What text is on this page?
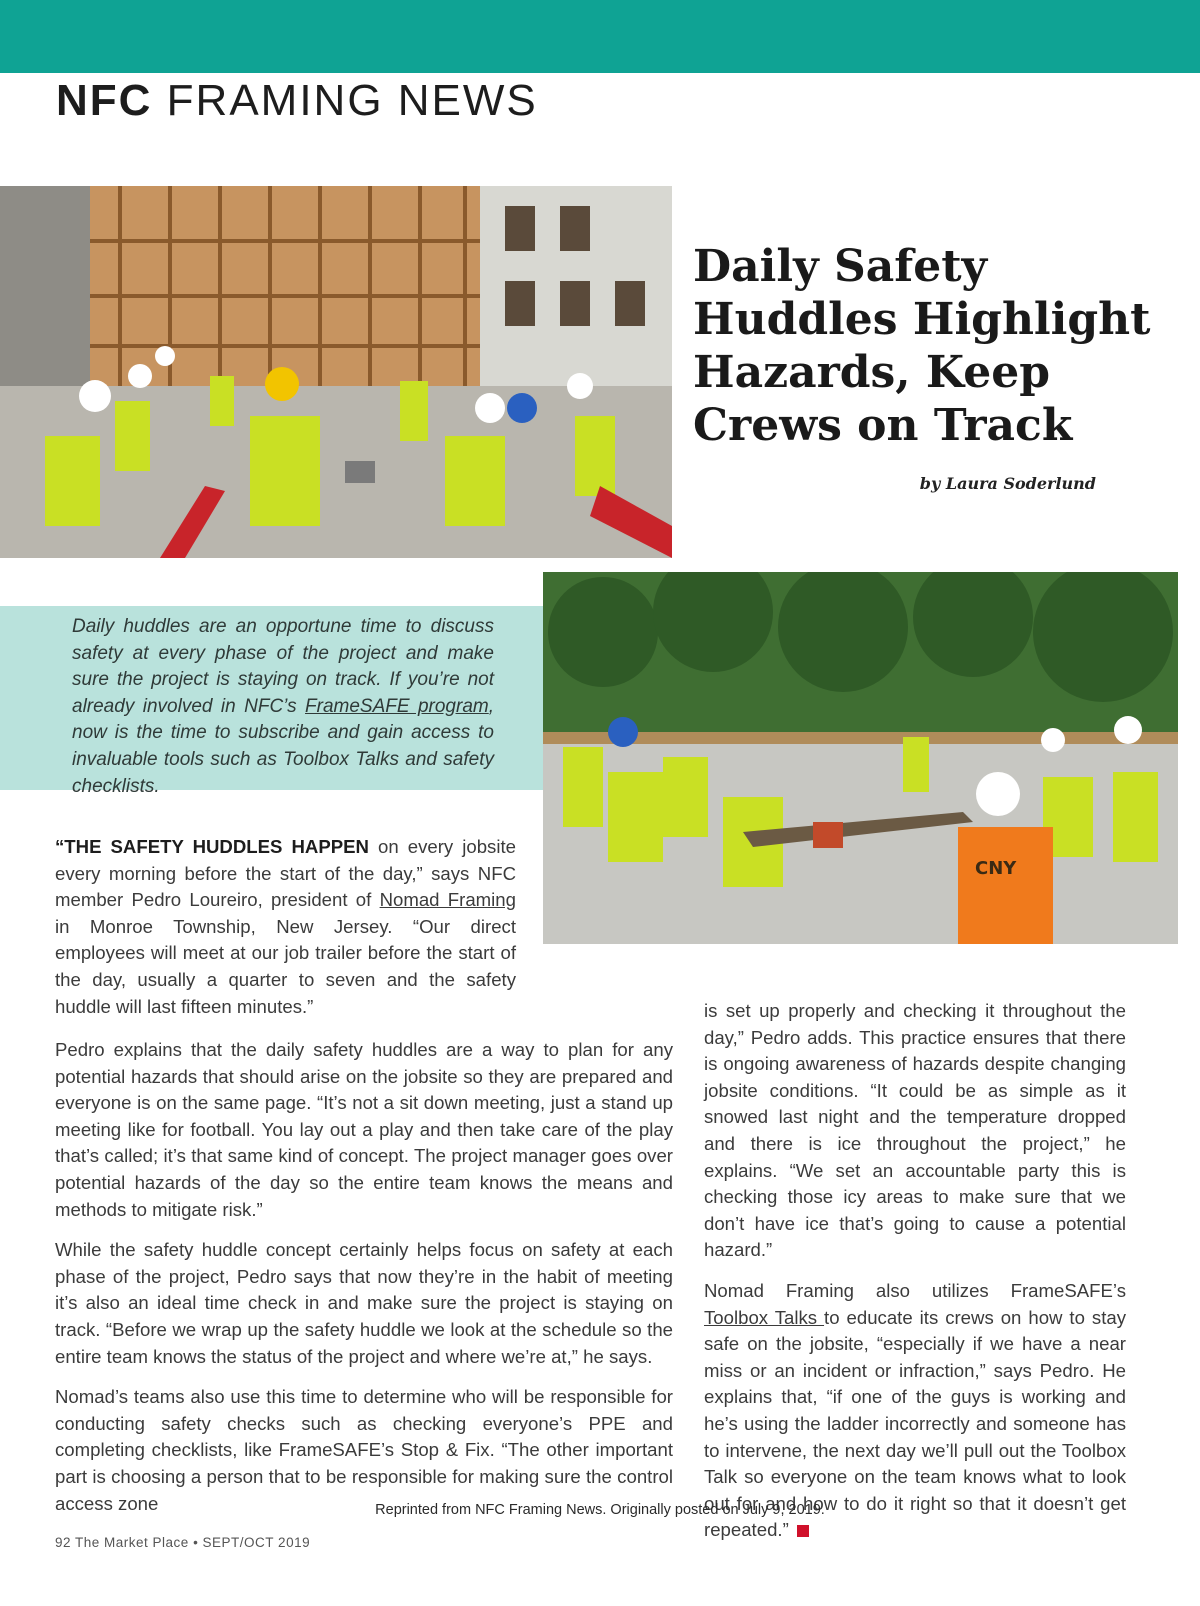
NFC FRAMING NEWS
Daily Safety Huddles Highlight Hazards, Keep Crews on Track
by Laura Soderlund
Daily huddles are an opportune time to discuss safety at every phase of the project and make sure the project is staying on track. If you’re not already involved in NFC’s FrameSAFE program, now is the time to subscribe and gain access to invaluable tools such as Toolbox Talks and safety checklists.
CNY

“THE SAFETY HUDDLES HAPPEN on every jobsite every morning before the start of the day,” says NFC member Pedro Loureiro, president of Nomad Framing in Monroe Township, New Jersey. “Our direct employees will meet at our job trailer before the start of the day, usually a quarter to seven and the safety huddle will last fifteen minutes.”

Pedro explains that the daily safety huddles are a way to plan for any potential hazards that should arise on the jobsite so they are prepared and everyone is on the same page. “It’s not a sit down meeting, just a stand up meeting like for football. You lay out a play and then take care of the play that’s called; it’s that same kind of concept. The project manager goes over potential hazards of the day so the entire team knows the means and methods to mitigate risk.”

While the safety huddle concept certainly helps focus on safety at each phase of the project, Pedro says that now they’re in the habit of meeting it’s also an ideal time check in and make sure the project is staying on track. “Before we wrap up the safety huddle we look at the schedule so the entire team knows the status of the project and where we’re at,” he says.

Nomad’s teams also use this time to determine who will be responsible for conducting safety checks such as checking everyone’s PPE and completing checklists, like FrameSAFE’s Stop & Fix. “The other important part is choosing a person that to be responsible for making sure the control access zone

is set up properly and checking it throughout the day,” Pedro adds. This practice ensures that there is ongoing awareness of hazards despite changing jobsite conditions. “It could be as simple as it snowed last night and the temperature dropped and there is ice throughout the project,” he explains. “We set an accountable party this is checking those icy areas to make sure that we don’t have ice that’s going to cause a potential hazard.”

Nomad Framing also utilizes FrameSAFE’s Toolbox Talks to educate its crews on how to stay safe on the jobsite, “especially if we have a near miss or an incident or infraction,” says Pedro. He explains that, “if one of the guys is working and he’s using the ladder incorrectly and someone has to intervene, the next day we’ll pull out the Toolbox Talk so everyone on the team knows what to look out for and how to do it right so that it doesn’t get repeated.”

Reprinted from NFC Framing News. Originally posted on July 9, 2019.
92 The Market Place • SEPT/OCT 2019
